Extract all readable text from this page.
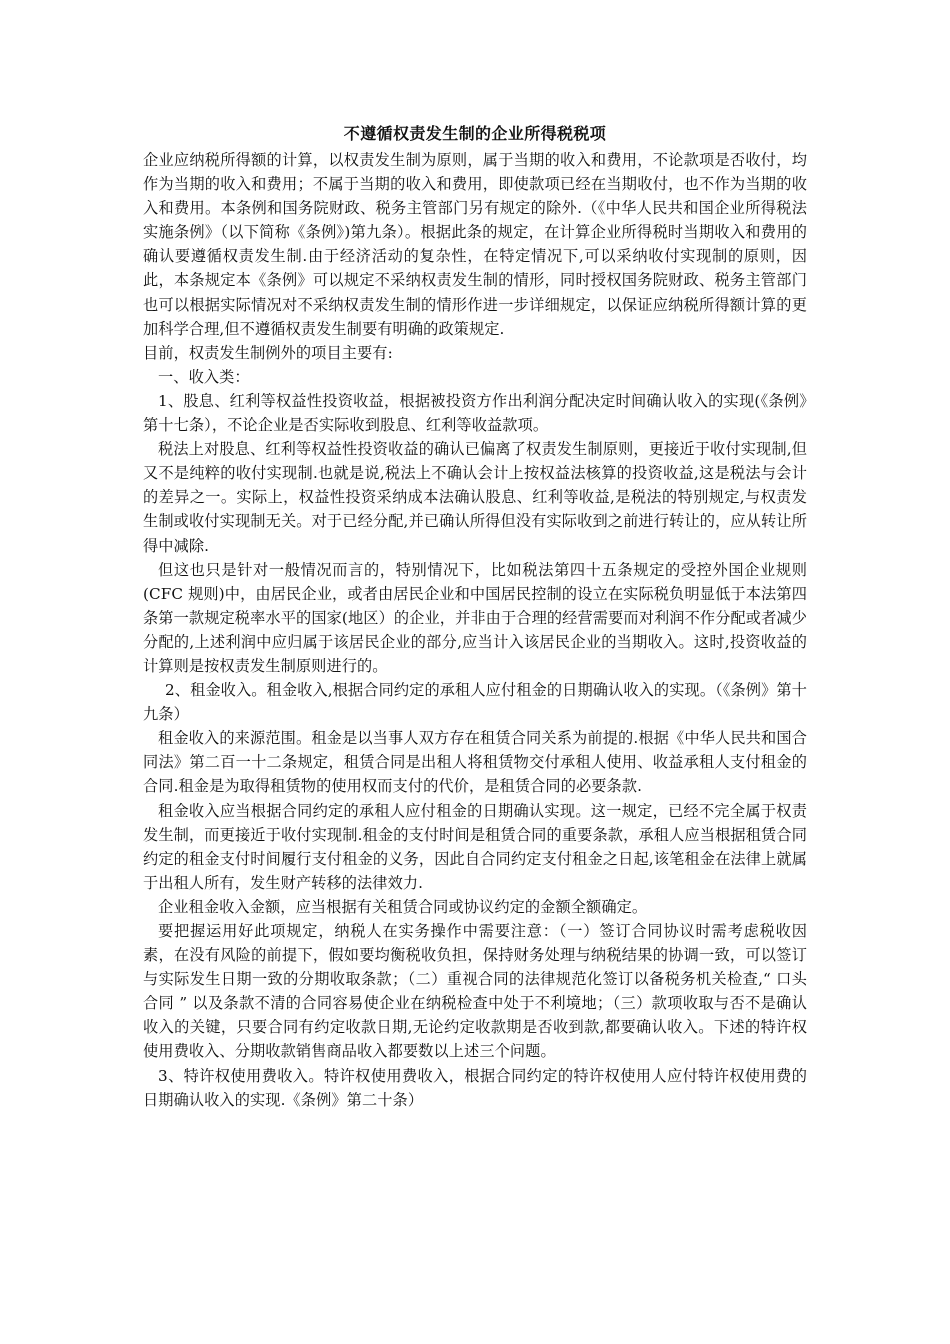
不遵循权责发生制的企业所得税税项

企业应纳税所得额的计算，以权责发生制为原则，属于当期的收入和费用，不论款项是否收付，均作为当期的收入和费用；不属于当期的收入和费用，即使款项已经在当期收付，也不作为当期的收入和费用。本条例和国务院财政、税务主管部门另有规定的除外.（《中华人民共和国企业所得税法实施条例》（以下简称《条例》)第九条）。根据此条的规定，在计算企业所得税时当期收入和费用的确认要遵循权责发生制.由于经济活动的复杂性，在特定情况下,可以采纳收付实现制的原则，因此，本条规定本《条例》可以规定不采纳权责发生制的情形，同时授权国务院财政、税务主管部门也可以根据实际情况对不采纳权责发生制的情形作进一步详细规定，以保证应纳税所得额计算的更加科学合理,但不遵循权责发生制要有明确的政策规定.

目前，权责发生制例外的项目主要有:

一、收入类：

1、股息、红利等权益性投资收益，根据被投资方作出利润分配决定时间确认收入的实现(《条例》第十七条），不论企业是否实际收到股息、红利等收益款项。

税法上对股息、红利等权益性投资收益的确认已偏离了权责发生制原则，更接近于收付实现制,但又不是纯粹的收付实现制.也就是说,税法上不确认会计上按权益法核算的投资收益,这是税法与会计的差异之一。实际上，权益性投资采纳成本法确认股息、红利等收益,是税法的特别规定,与权责发生制或收付实现制无关。对于已经分配,并已确认所得但没有实际收到之前进行转让的，应从转让所得中减除.

但这也只是针对一般情况而言的，特别情况下，比如税法第四十五条规定的受控外国企业规则(CFC 规则)中，由居民企业，或者由居民企业和中国居民控制的设立在实际税负明显低于本法第四条第一款规定税率水平的国家(地区）的企业，并非由于合理的经营需要而对利润不作分配或者减少分配的,上述利润中应归属于该居民企业的部分,应当计入该居民企业的当期收入。这时,投资收益的计算则是按权责发生制原则进行的。

2、租金收入。租金收入,根据合同约定的承租人应付租金的日期确认收入的实现。（《条例》第十九条）

租金收入的来源范围。租金是以当事人双方存在租赁合同关系为前提的.根据《中华人民共和国合同法》第二百一十二条规定，租赁合同是出租人将租赁物交付承租人使用、收益承租人支付租金的合同.租金是为取得租赁物的使用权而支付的代价，是租赁合同的必要条款.

租金收入应当根据合同约定的承租人应付租金的日期确认实现。这一规定，已经不完全属于权责发生制，而更接近于收付实现制.租金的支付时间是租赁合同的重要条款，承租人应当根据租赁合同约定的租金支付时间履行支付租金的义务，因此自合同约定支付租金之日起,该笔租金在法律上就属于出租人所有，发生财产转移的法律效力.

企业租金收入金额，应当根据有关租赁合同或协议约定的金额全额确定。

要把握运用好此项规定，纳税人在实务操作中需要注意：（一）签订合同协议时需考虑税收因素，在没有风险的前提下，假如要均衡税收负担，保持财务处理与纳税结果的协调一致，可以签订与实际发生日期一致的分期收取条款；（二）重视合同的法律规范化签订以备税务机关检查,“ 口头合同 ” 以及条款不清的合同容易使企业在纳税检查中处于不利境地；（三）款项收取与否不是确认收入的关键，只要合同有约定收款日期,无论约定收款期是否收到款,都要确认收入。下述的特许权使用费收入、分期收款销售商品收入都要数以上述三个问题。

3、特许权使用费收入。特许权使用费收入，根据合同约定的特许权使用人应付特许权使用费的日期确认收入的实现.《条例》第二十条）
